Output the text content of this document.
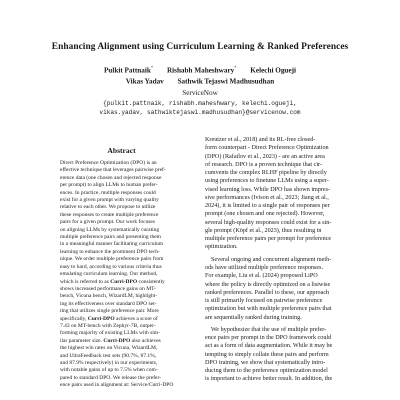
Enhancing Alignment using Curriculum Learning & Ranked Preferences
Pulkit Pattnaik* Rishabh Maheshwary* Kelechi Ogueji
Vikas Yadav Sathwik Tejaswi Madhusudhan
ServiceNow
{pulkit.pattnaik, rishabh.maheshwary, kelechi.ogueji,
vikas.yadav, sathwiktejaswi.madhusudhan}@servicenow.com
Abstract
Direct Preference Optimization (DPO) is an
effective technique that leverages pairwise pref-
erence data (one chosen and rejected response
per prompt) to align LLMs to human prefer-
ences. In practice, multiple responses could
exist for a given prompt with varying quality
relative to each other. We propose to utilize
these responses to create multiple preference
pairs for a given prompt. Our work focuses
on aligning LLMs by systematically curating
multiple preference pairs and presenting them
in a meaningful manner facilitating curriculum
learning to enhance the prominent DPO tech-
nique. We order multiple preference pairs from
easy to hard, according to various criteria thus
emulating curriculum learning. Our method,
which is referred to as Curri-DPO consistently
shows increased performance gains on MT-
bench, Vicuna bench, WizardLM, highlight-
ing its effectiveness over standard DPO set-
ting that utilizes single preference pair. More
specifically, Curri-DPO achieves a score of
7.43 on MT-bench with Zephyr-7B, outper-
forming majority of existing LLMs with sim-
ilar parameter size. Curri-DPO also achieves
the highest win rates on Vicuna, WizardLM,
and UltraFeedback test sets (90.7%, 87.1%,
and 87.9% respectively) in our experiments,
with notable gains of up to 7.5% when com-
pared to standard DPO. We release the prefer-
ence pairs used in alignment at: Service/Curri-DPO
Kreutzer et al., 2018) and its RL-free closed-
form counterpart - Direct Preference Optimization
(DPO) (Rafailov et al., 2023) - are an active area
of research. DPO is a proven technique that cir-
cumvents the complex RLHF pipeline by directly
using preferences to finetune LLMs using a super-
vised learning loss. While DPO has shown impres-
sive performances (Ivison et al., 2023; Jiang et al.,
2024), it is limited to a single pair of responses per
prompt (one chosen and one rejected). However,
several high-quality responses could exist for a sin-
gle prompt (Köpf et al., 2023), thus resulting in
multiple preference pairs per prompt for preference
optimization.
Several ongoing and concurrent alignment meth-
ods have utilized multiple preference responses.
For example, Liu et al. (2024) proposed LiPO
where the policy is directly optimized on a listwise
ranked preferences. Parallel to these, our approach
is still primarily focused on pairwise preference
optimization but with multiple preference pairs that
are sequentially ranked during training.
We hypothesize that the use of multiple prefer-
ence pairs per prompt in the DPO framework could
act as a form of data augmentation. While it may be
tempting to simply collate these pairs and perform
DPO training, we show that systematically intro-
ducing them to the preference optimization model
is important to achieve better result. In addition, the
